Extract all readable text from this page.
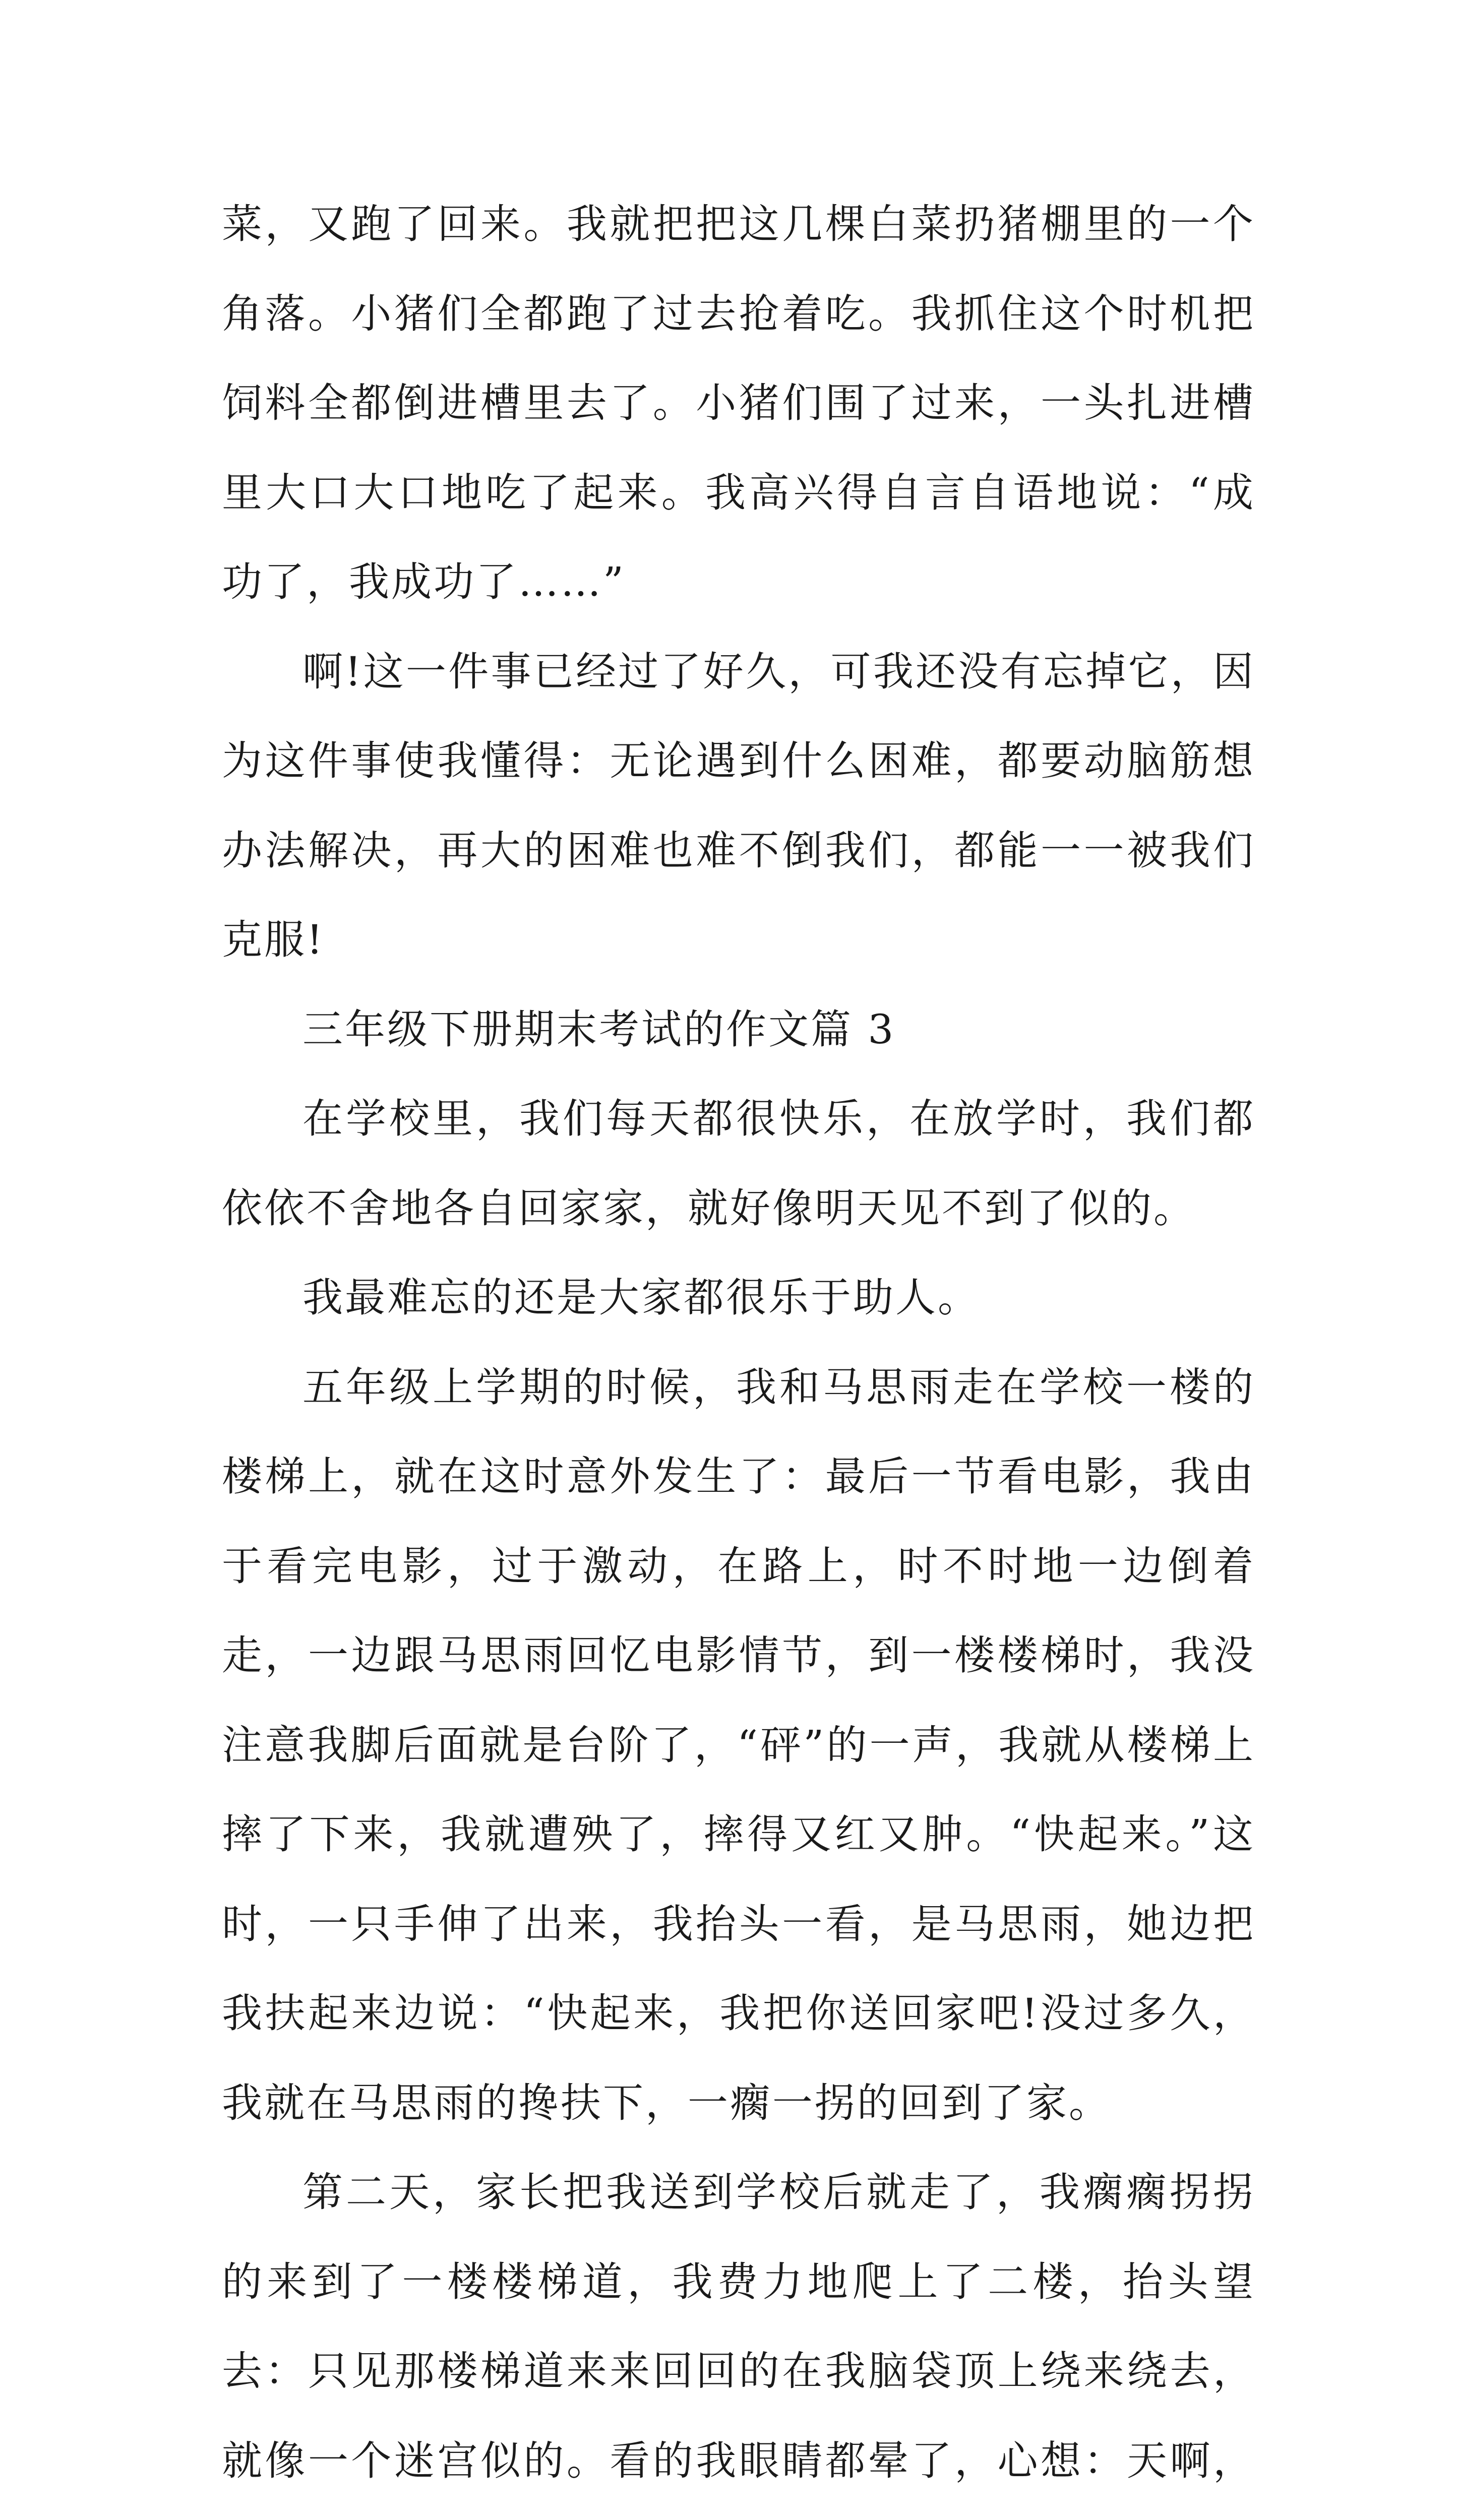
菜，又跑了回来。我就把把这几棵白菜扔猪棚里的一个角落。小猪们全都跑了过去抢着吃。我抓住这个时机把饲料全都倒进槽里去了。小猪们围了过来，一头扎进槽里大口大口地吃了起来。我高兴得自言自语地说：“成功了，我成功了……”

啊!这一件事已经过了好久，可我还没有忘掉它，因为这件事使我懂得：无论遇到什么困难，都要动脑筋想办法解决，再大的困难也难不倒我们，都能一一被我们克服!

三年级下册期末考试的作文篇 3

在学校里，我们每天都很快乐，在放学时，我们都依依不舍地各自回家家，就好像明天见不到了似的。

我最难忘的还是大家都很乐于助人。

五年级上学期的时候，我和马思雨走在学校一楼的楼梯上，就在这时意外发生了：最后一节看电影，我由于看完电影，过于激动，在路上，时不时地一边倒着走，一边跟马思雨回忆电影情节，到一楼楼梯时，我没注意我脚后面就是台阶了，“砰”的一声，我就从楼梯上摔了下来，我就遭殃了，摔得又红又肿。“快起来。”这时，一只手伸了出来，我抬头一看，是马思雨，她边把我扶起来边说：“快起来，我把你送回家吧!没过多久，我就在马思雨的搀扶下，一瘸一拐的回到了家。

第二天，家长把我送到学校后就走了，我瘸瘸拐拐的来到了一楼楼梯道，我费力地爬上了二楼，抬头望去：只见那楼梯道来来回回的在我脑袋顶上绕来绕去，就像一个迷宫似的。看的我眼睛都晕了，心想：天啊，
